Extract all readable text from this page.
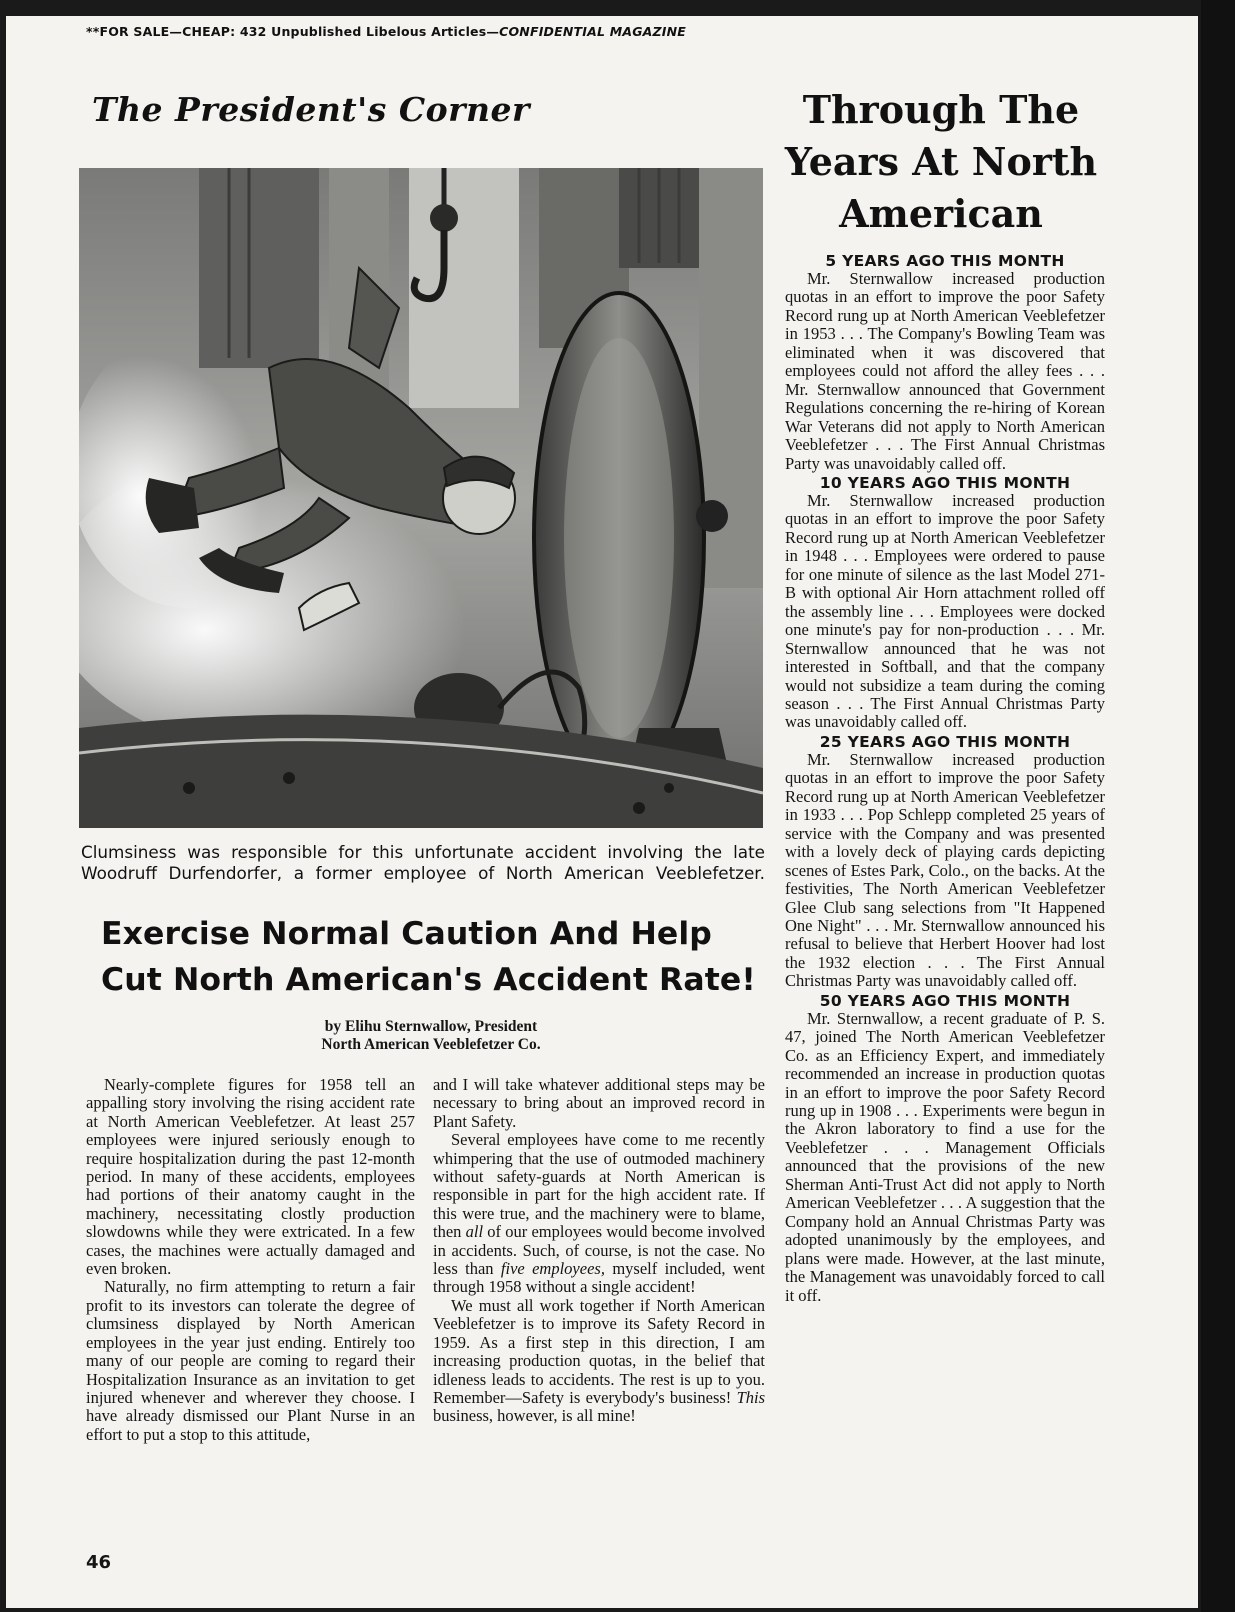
**FOR SALE—CHEAP: 432 Unpublished Libelous Articles—CONFIDENTIAL MAGAZINE
The President's Corner
Clumsiness was responsible for this unfortunate accident involving the late Woodruff Durfendorfer, a former employee of North American Veeblefetzer.
Exercise Normal Caution And Help Cut North American's Accident Rate!
by Elihu Sternwallow, President
North American Veeblefetzer Co.

Nearly-complete figures for 1958 tell an appalling story involving the rising accident rate at North American Veeblefetzer. At least 257 employees were injured seriously enough to require hospitalization during the past 12-month period. In many of these accidents, employees had portions of their anatomy caught in the machinery, necessitating clostly production slowdowns while they were extricated. In a few cases, the machines were actually damaged and even broken.

Naturally, no firm attempting to return a fair profit to its investors can tolerate the degree of clumsiness displayed by North American employees in the year just ending. Entirely too many of our people are coming to regard their Hospitalization Insurance as an invitation to get injured whenever and wherever they choose. I have already dismissed our Plant Nurse in an effort to put a stop to this attitude,

and I will take whatever additional steps may be necessary to bring about an improved record in Plant Safety.

Several employees have come to me recently whimpering that the use of outmoded machinery without safety-guards at North American is responsible in part for the high accident rate. If this were true, and the machinery were to blame, then all of our employees would become involved in accidents. Such, of course, is not the case. No less than five employees, myself included, went through 1958 without a single accident!

We must all work together if North American Veeblefetzer is to improve its Safety Record in 1959. As a first step in this direction, I am increasing production quotas, in the belief that idleness leads to accidents. The rest is up to you. Remember—Safety is everybody's business! This business, however, is all mine!

46
Through The Years At North American
5 YEARS AGO THIS MONTH

Mr. Sternwallow increased production quotas in an effort to improve the poor Safety Record rung up at North American Veeblefetzer in 1953 . . . The Company's Bowling Team was eliminated when it was discovered that employees could not afford the alley fees . . . Mr. Sternwallow announced that Government Regulations concerning the re-hiring of Korean War Veterans did not apply to North American Veeblefetzer . . . The First Annual Christmas Party was unavoidably called off.

10 YEARS AGO THIS MONTH

Mr. Sternwallow increased production quotas in an effort to improve the poor Safety Record rung up at North American Veeblefetzer in 1948 . . . Employees were ordered to pause for one minute of silence as the last Model 271-B with optional Air Horn attachment rolled off the assembly line . . . Employees were docked one minute's pay for non-production . . . Mr. Sternwallow announced that he was not interested in Softball, and that the company would not subsidize a team during the coming season . . . The First Annual Christmas Party was unavoidably called off.

25 YEARS AGO THIS MONTH

Mr. Sternwallow increased production quotas in an effort to improve the poor Safety Record rung up at North American Veeblefetzer in 1933 . . . Pop Schlepp completed 25 years of service with the Company and was presented with a lovely deck of playing cards depicting scenes of Estes Park, Colo., on the backs. At the festivities, The North American Veeblefetzer Glee Club sang selections from "It Happened One Night" . . . Mr. Sternwallow announced his refusal to believe that Herbert Hoover had lost the 1932 election . . . The First Annual Christmas Party was unavoidably called off.

50 YEARS AGO THIS MONTH

Mr. Sternwallow, a recent graduate of P. S. 47, joined The North American Veeblefetzer Co. as an Efficiency Expert, and immediately recommended an increase in production quotas in an effort to improve the poor Safety Record rung up in 1908 . . . Experiments were begun in the Akron laboratory to find a use for the Veeblefetzer . . . Management Officials announced that the provisions of the new Sherman Anti-Trust Act did not apply to North American Veeblefetzer . . . A suggestion that the Company hold an Annual Christmas Party was adopted unanimously by the employees, and plans were made. However, at the last minute, the Management was unavoidably forced to call it off.
